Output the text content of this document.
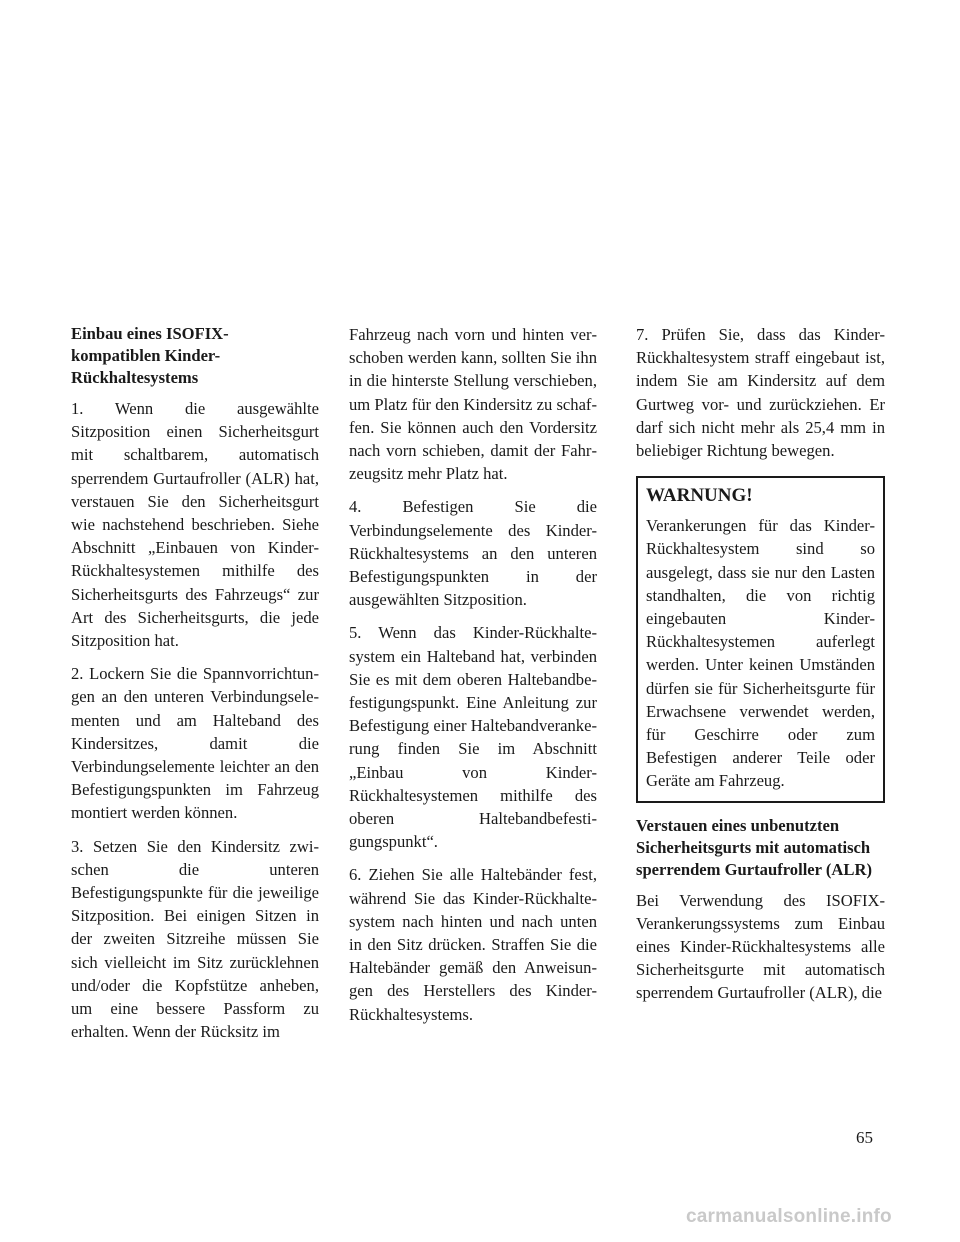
Einbau eines ISOFIX-
kompatiblen Kinder-
Rückhaltesystems

1. Wenn die ausgewählte Sitzposition einen Sicherheitsgurt mit schaltbarem, automatisch sperrendem Gurtaufroller (ALR) hat, verstauen Sie den Sicherheitsgurt wie nachstehend beschrieben. Siehe Abschnitt „Einbauen von Kinder-Rückhaltesystemen mithilfe des Sicherheitsgurts des Fahrzeugs“ zur Art des Sicherheitsgurts, die jede Sitzposition hat.

2. Lockern Sie die Spannvorrichtungen an den unteren Verbindungselementen und am Halteband des Kindersitzes, damit die Verbindungselemente leichter an den Befestigungspunkten im Fahrzeug montiert werden können.

3. Setzen Sie den Kindersitz zwischen die unteren Befestigungspunkte für die jeweilige Sitzposition. Bei einigen Sitzen in der zweiten Sitzreihe müssen Sie sich vielleicht im Sitz zurücklehnen und/oder die Kopfstütze anheben, um eine bessere Passform zu erhalten. Wenn der Rücksitz im

Fahrzeug nach vorn und hinten verschoben werden kann, sollten Sie ihn in die hinterste Stellung verschieben, um Platz für den Kindersitz zu schaffen. Sie können auch den Vordersitz nach vorn schieben, damit der Fahrzeugsitz mehr Platz hat.

4. Befestigen Sie die Verbindungselemente des Kinder-Rückhaltesystems an den unteren Befestigungspunkten in der ausgewählten Sitzposition.

5. Wenn das Kinder-Rückhaltesystem ein Halteband hat, verbinden Sie es mit dem oberen Haltebandbefestigungspunkt. Eine Anleitung zur Befestigung einer Haltebandverankerung finden Sie im Abschnitt „Einbau von Kinder-Rückhaltesystemen mithilfe des oberen Haltebandbefestigungspunkt“.

6. Ziehen Sie alle Haltebänder fest, während Sie das Kinder-Rückhaltesystem nach hinten und nach unten in den Sitz drücken. Straffen Sie die Haltebänder gemäß den Anweisungen des Herstellers des Kinder-Rückhaltesystems.

7. Prüfen Sie, dass das Kinder-Rückhaltesystem straff eingebaut ist, indem Sie am Kindersitz auf dem Gurtweg vor- und zurückziehen. Er darf sich nicht mehr als 25,4 mm in beliebiger Richtung bewegen.

WARNUNG!

Verankerungen für das Kinder-Rückhaltesystem sind so ausgelegt, dass sie nur den Lasten standhalten, die von richtig eingebauten Kinder-Rückhaltesystemen auferlegt werden. Unter keinen Umständen dürfen sie für Sicherheitsgurte für Erwachsene verwendet werden, für Geschirre oder zum Befestigen anderer Teile oder Geräte am Fahrzeug.

Verstauen eines unbenutzten
Sicherheitsgurts mit automatisch
sperrendem Gurtaufroller (ALR)

Bei Verwendung des ISOFIX-Verankerungssystems zum Einbau eines Kinder-Rückhaltesystems alle Sicherheitsgurte mit automatisch sperrendem Gurtaufroller (ALR), die

65
carmanualsonline.info
